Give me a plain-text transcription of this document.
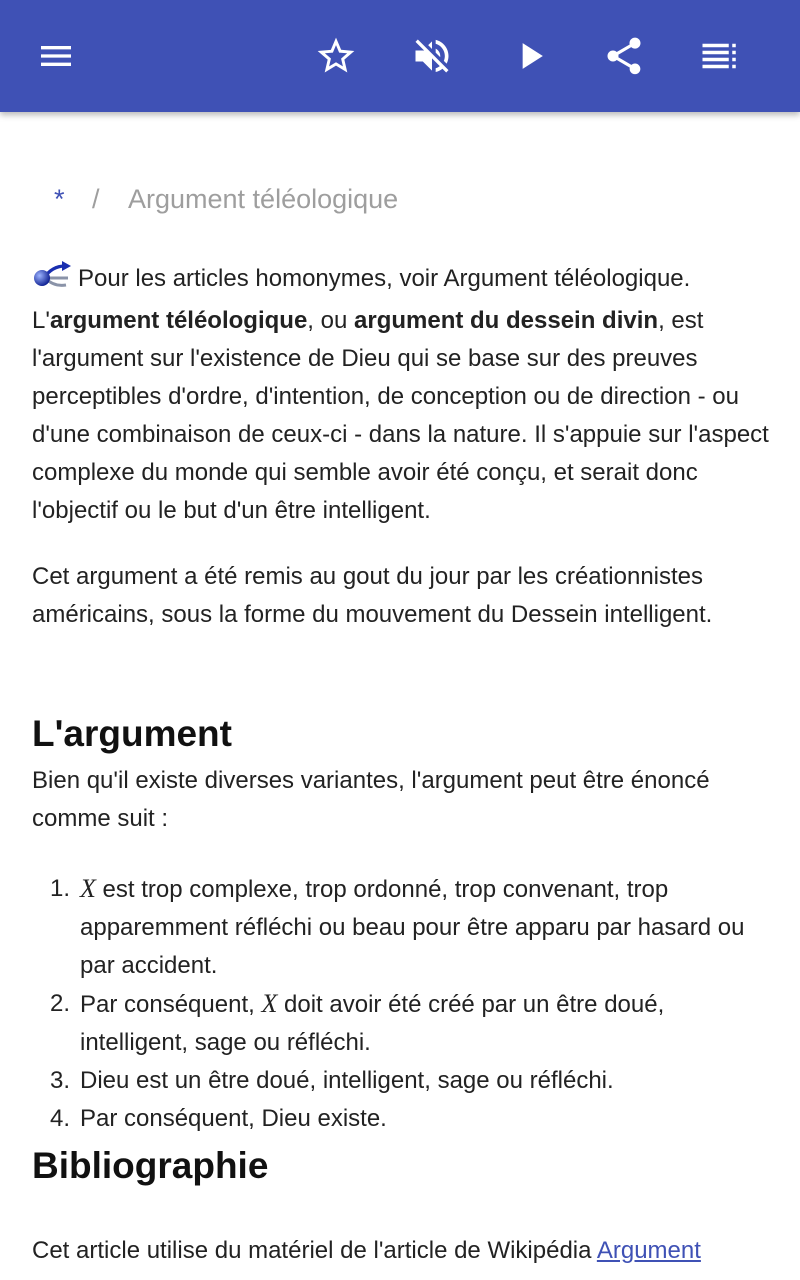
* / Argument téléologique

Pour les articles homonymes, voir Argument téléologique.
L'argument téléologique, ou argument du dessein divin, est l'argument sur l'existence de Dieu qui se base sur des preuves perceptibles d'ordre, d'intention, de conception ou de direction - ou d'une combinaison de ceux-ci - dans la nature. Il s'appuie sur l'aspect complexe du monde qui semble avoir été conçu, et serait donc l'objectif ou le but d'un être intelligent.

Cet argument a été remis au gout du jour par les créationnistes américains, sous la forme du mouvement du Dessein intelligent.

L'argument

Bien qu'il existe diverses variantes, l'argument peut être énoncé comme suit :

1. X est trop complexe, trop ordonné, trop convenant, trop apparemment réfléchi ou beau pour être apparu par hasard ou par accident.
2. Par conséquent, X doit avoir été créé par un être doué, intelligent, sage ou réfléchi.
3. Dieu est un être doué, intelligent, sage ou réfléchi.
4. Par conséquent, Dieu existe.
Bibliographie

Cet article utilise du matériel de l'article de Wikipédia Argument
